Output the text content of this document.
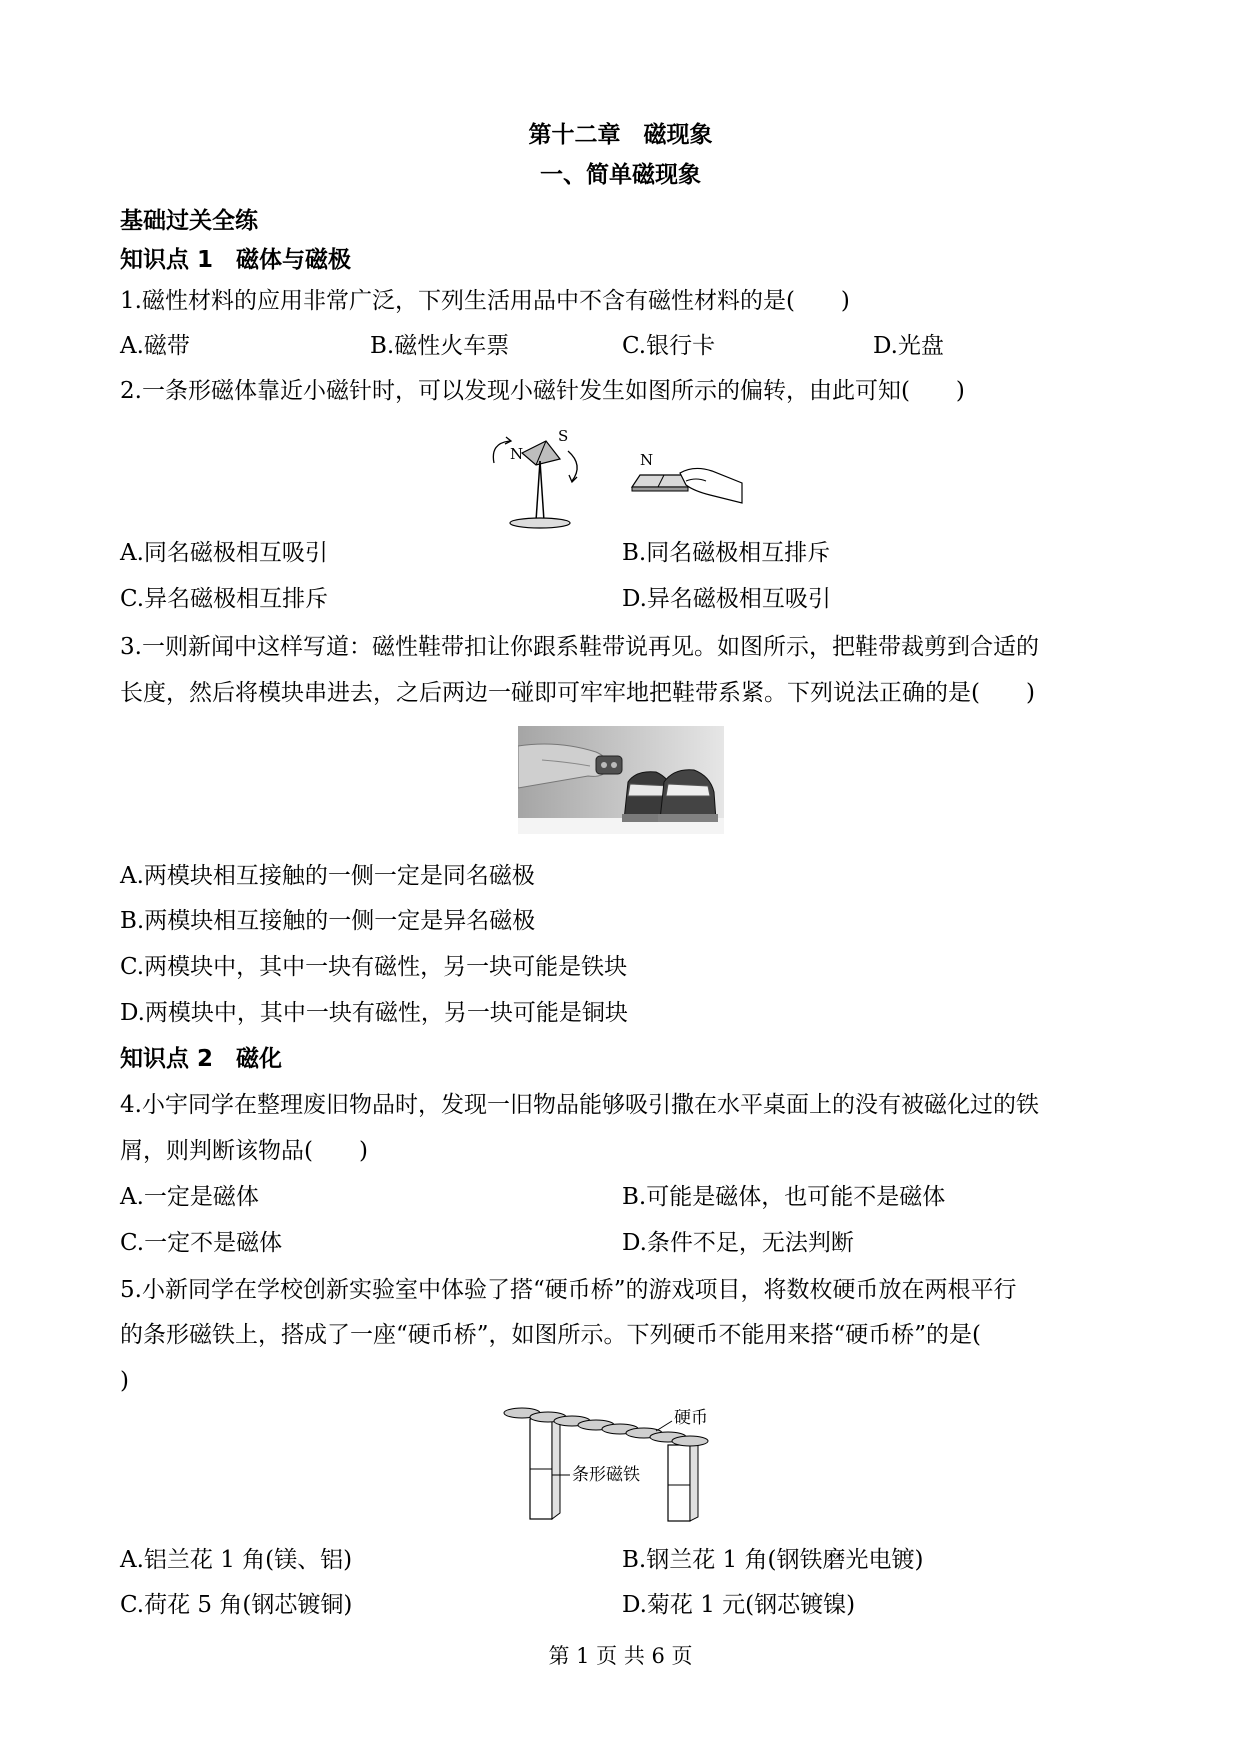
第十二章　磁现象
一、简单磁现象
基础过关全练
知识点 1　磁体与磁极
1.磁性材料的应用非常广泛，下列生活用品中不含有磁性材料的是(　　)
A.磁带	B.磁性火车票	C.银行卡	D.光盘
2.一条形磁体靠近小磁针时，可以发现小磁针发生如图所示的偏转，由此可知(　　)
N
S
N
A.同名磁极相互吸引	B.同名磁极相互排斥
C.异名磁极相互排斥	D.异名磁极相互吸引
3.一则新闻中这样写道：磁性鞋带扣让你跟系鞋带说再见。如图所示，把鞋带裁剪到合适的
长度，然后将模块串进去，之后两边一碰即可牢牢地把鞋带系紧。下列说法正确的是(　　)
A.两模块相互接触的一侧一定是同名磁极
B.两模块相互接触的一侧一定是异名磁极
C.两模块中，其中一块有磁性，另一块可能是铁块
D.两模块中，其中一块有磁性，另一块可能是铜块
知识点 2　磁化
4.小宇同学在整理废旧物品时，发现一旧物品能够吸引撒在水平桌面上的没有被磁化过的铁
屑，则判断该物品(　　)
A.一定是磁体	B.可能是磁体，也可能不是磁体
C.一定不是磁体	D.条件不足，无法判断
5.小新同学在学校创新实验室中体验了搭“硬币桥”的游戏项目，将数枚硬币放在两根平行
的条形磁铁上，搭成了一座“硬币桥”，如图所示。下列硬币不能用来搭“硬币桥”的是(
)
硬币
条形磁铁
A.铝兰花 1 角(镁、铝)	B.钢兰花 1 角(钢铁磨光电镀)
C.荷花 5 角(钢芯镀铜)	D.菊花 1 元(钢芯镀镍)
第 1 页 共 6 页
